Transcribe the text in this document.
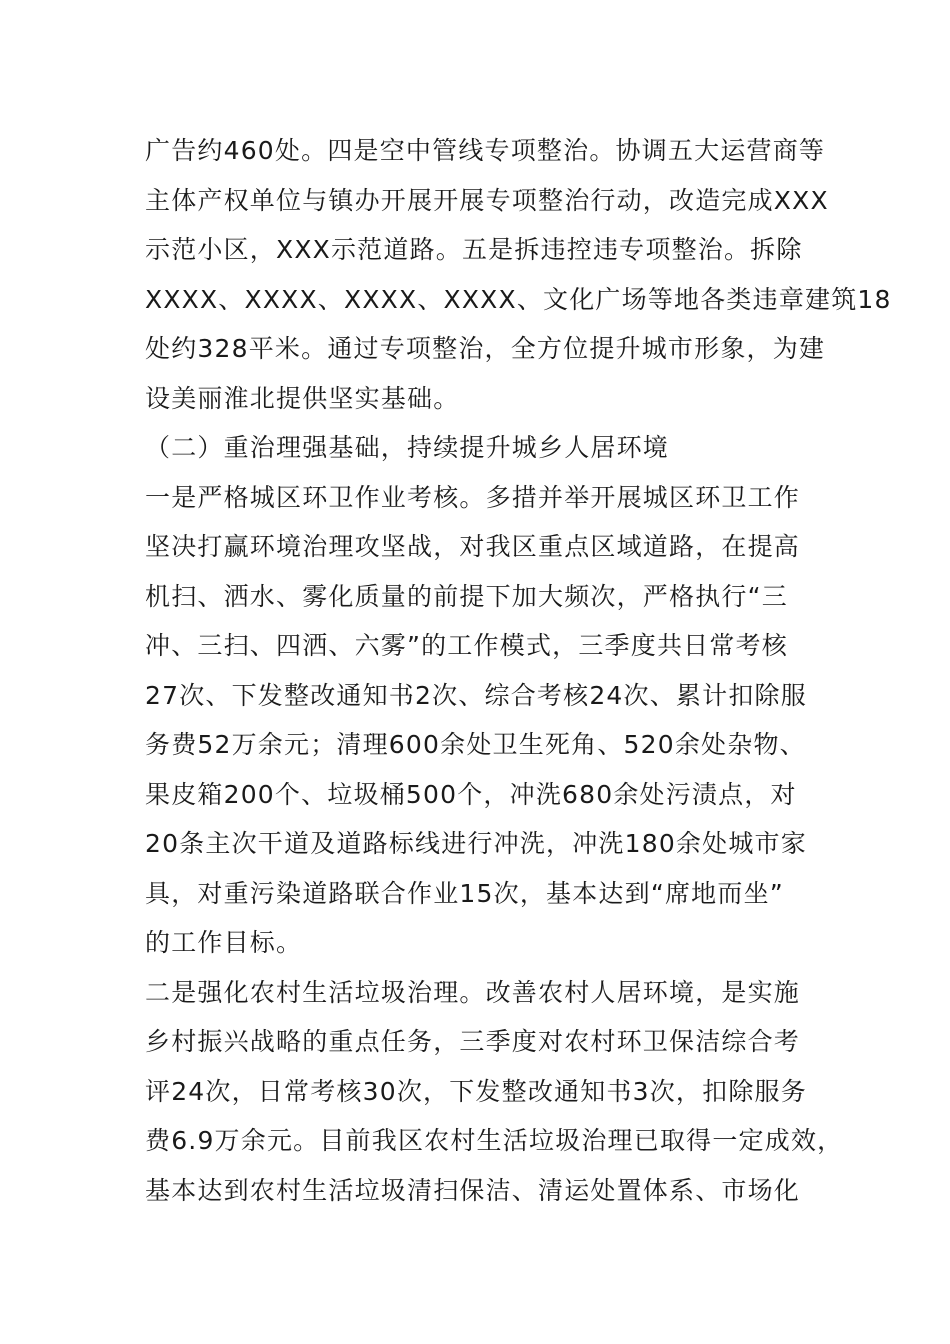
广告约460处。四是空中管线专项整治。协调五大运营商等
主体产权单位与镇办开展开展专项整治行动，改造完成XXX
示范小区，XXX示范道路。五是拆违控违专项整治。拆除
XXXX、XXXX、XXXX、XXXX、文化广场等地各类违章建筑18
处约328平米。通过专项整治，全方位提升城市形象，为建
设美丽淮北提供坚实基础。
（二）重治理强基础，持续提升城乡人居环境
一是严格城区环卫作业考核。多措并举开展城区环卫工作
坚决打赢环境治理攻坚战，对我区重点区域道路，在提高
机扫、洒水、雾化质量的前提下加大频次，严格执行“三
冲、三扫、四洒、六雾”的工作模式，三季度共日常考核
27次、下发整改通知书2次、综合考核24次、累计扣除服
务费52万余元；清理600余处卫生死角、520余处杂物、
果皮箱200个、垃圾桶500个，冲洗680余处污渍点，对
20条主次干道及道路标线进行冲洗，冲洗180余处城市家
具，对重污染道路联合作业15次，基本达到“席地而坐”
的工作目标。
二是强化农村生活垃圾治理。改善农村人居环境，是实施
乡村振兴战略的重点任务，三季度对农村环卫保洁综合考
评24次，日常考核30次，下发整改通知书3次，扣除服务
费6.9万余元。目前我区农村生活垃圾治理已取得一定成效，
基本达到农村生活垃圾清扫保洁、清运处置体系、市场化
